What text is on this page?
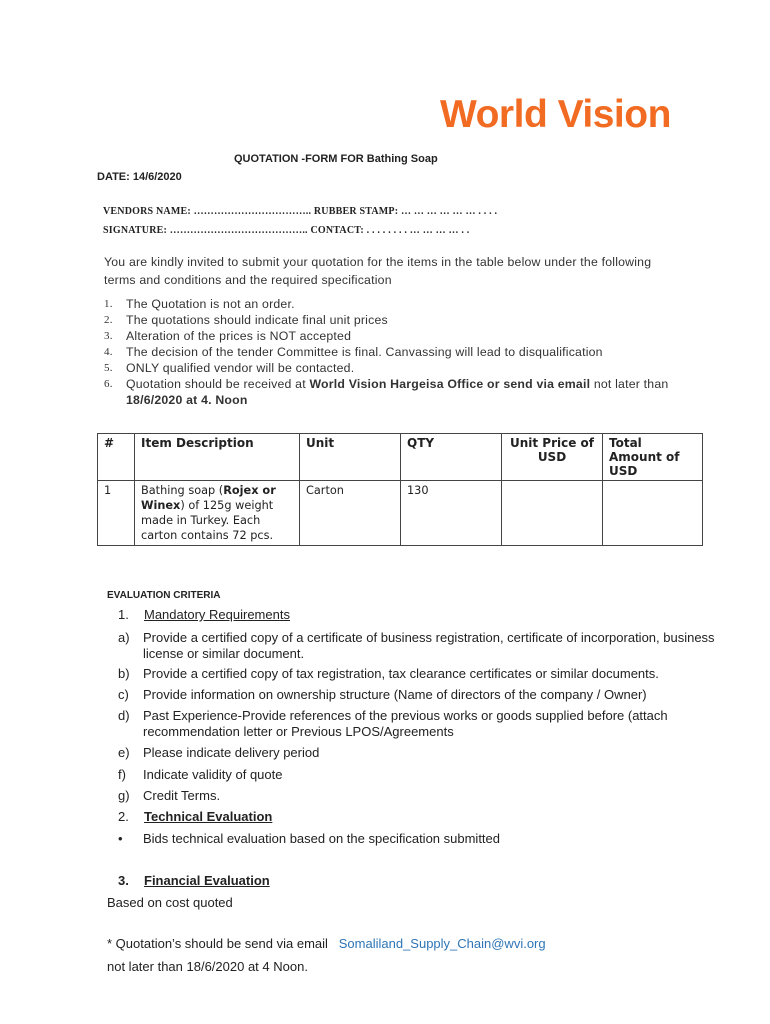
World Vision
QUOTATION -FORM FOR Bathing Soap
DATE: 14/6/2020
VENDORS NAME: …………………………….. RUBBER STAMP: … … … … … … . . . .
SIGNATURE: ………………………………….. CONTACT: . . . . . . . . … … … … . .
You are kindly invited to submit your quotation for the items in the table below under the following terms and conditions and the required specification
1. The Quotation is not an order.
2. The quotations should indicate final unit prices
3. Alteration of the prices is NOT accepted
4. The decision of the tender Committee is final. Canvassing will lead to disqualification
5. ONLY qualified vendor will be contacted.
6. Quotation should be received at World Vision Hargeisa Office or send via email not later than
18/6/2020 at 4. Noon
#	Item Description	Unit	QTY	Unit Price of USD	Total Amount of USD
1	Bathing soap (Rojex or Winex) of 125g weight made in Turkey. Each carton contains 72 pcs.	Carton	130		
EVALUATION CRITERIA
1. Mandatory Requirements
a) Provide a certified copy of a certificate of business registration, certificate of incorporation, business license or similar document.
b) Provide a certified copy of tax registration, tax clearance certificates or similar documents.
c) Provide information on ownership structure (Name of directors of the company / Owner)
d) Past Experience-Provide references of the previous works or goods supplied before (attach recommendation letter or Previous LPOS/Agreements
e) Please indicate delivery period
f) Indicate validity of quote
g) Credit Terms.
2. Technical Evaluation
• Bids technical evaluation based on the specification submitted
3. Financial Evaluation
Based on cost quoted
* Quotation’s should be send via email Somaliland_Supply_Chain@wvi.org
not later than 18/6/2020 at 4 Noon.
